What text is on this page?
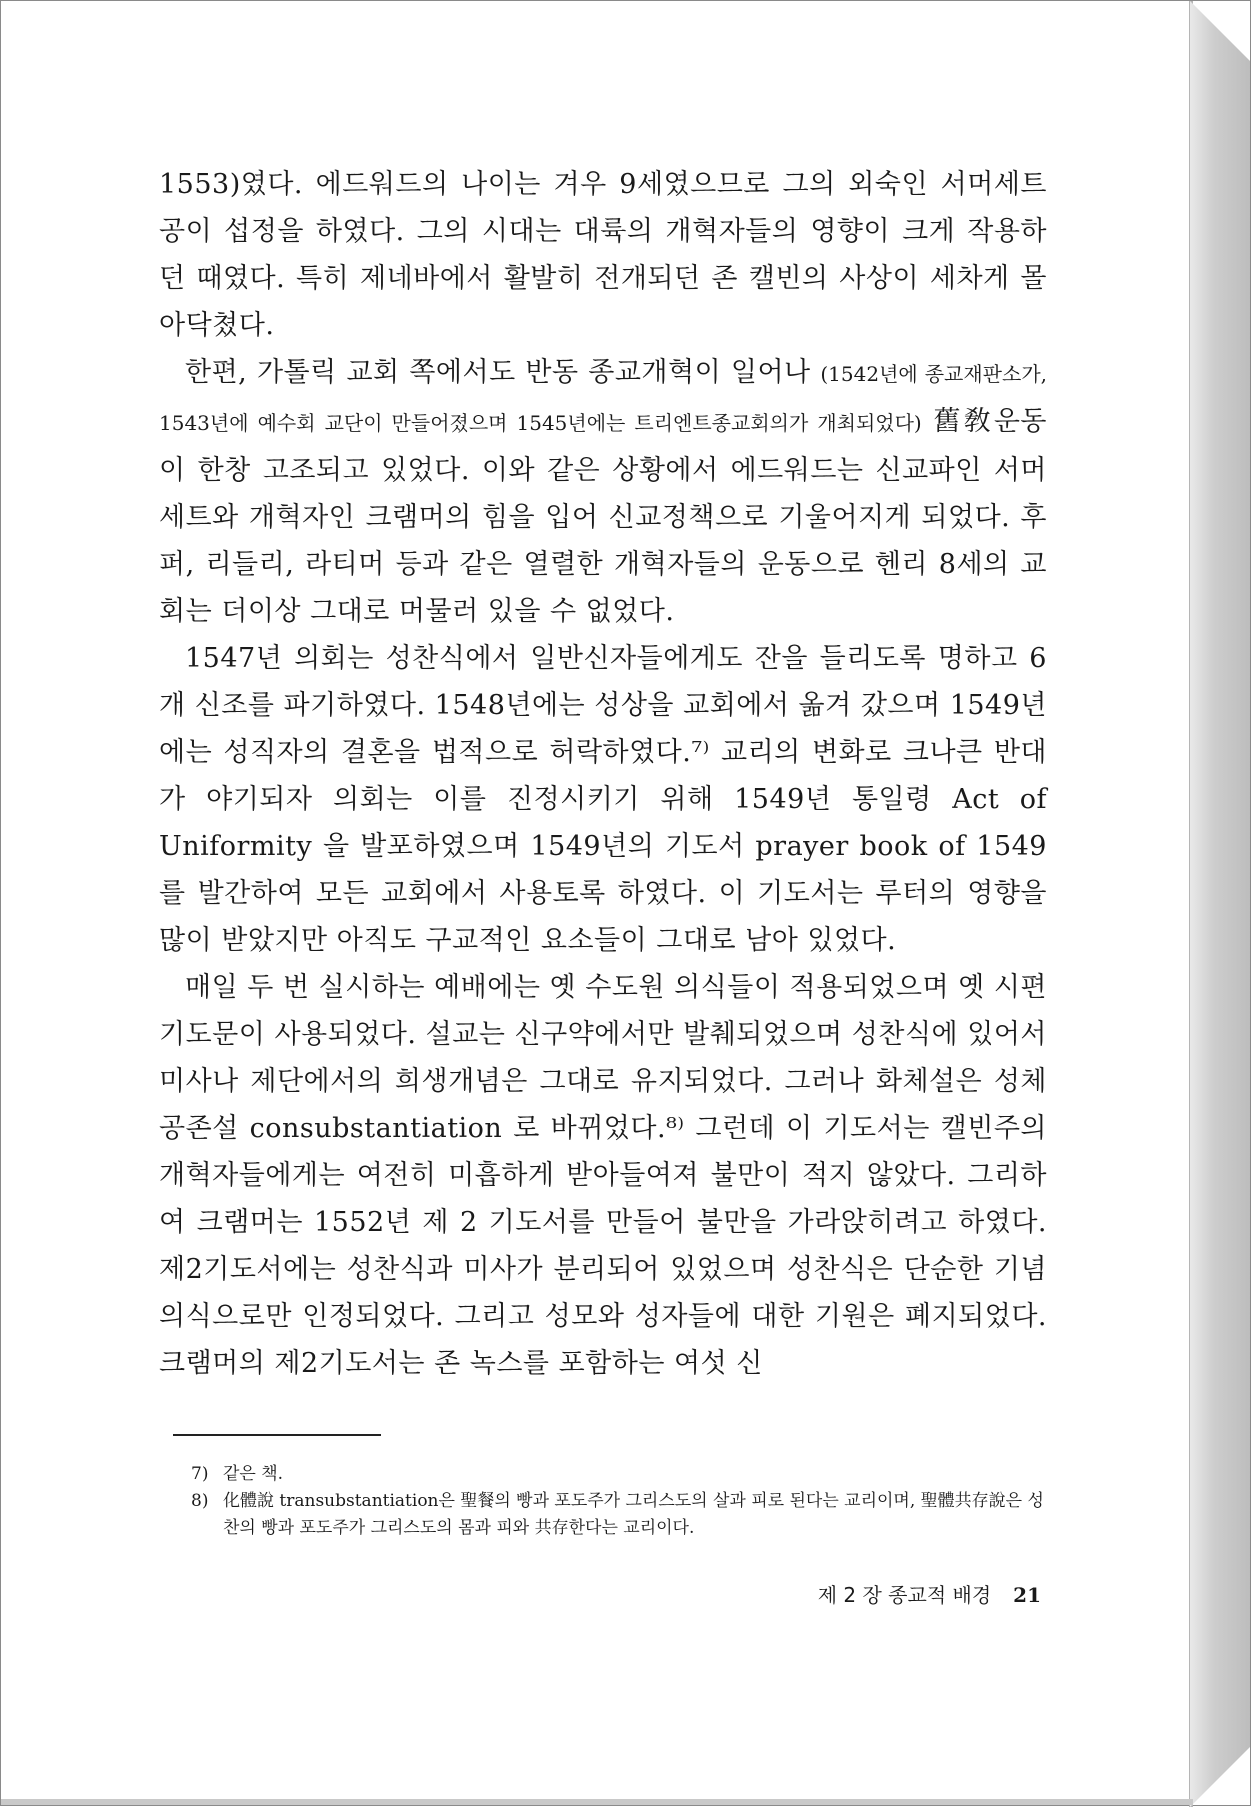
1553)였다. 에드워드의 나이는 겨우 9세였으므로 그의 외숙인 서머세트 공이 섭정을 하였다. 그의 시대는 대륙의 개혁자들의 영향이 크게 작용하던 때였다. 특히 제네바에서 활발히 전개되던 존 캘빈의 사상이 세차게 몰아닥쳤다.

한편, 가톨릭 교회 쪽에서도 반동 종교개혁이 일어나 (1542년에 종교재판소가, 1543년에 예수회 교단이 만들어졌으며 1545년에는 트리엔트종교회의가 개최되었다) 舊敎운동이 한창 고조되고 있었다. 이와 같은 상황에서 에드워드는 신교파인 서머세트와 개혁자인 크램머의 힘을 입어 신교정책으로 기울어지게 되었다. 후퍼, 리들리, 라티머 등과 같은 열렬한 개혁자들의 운동으로 헨리 8세의 교회는 더이상 그대로 머물러 있을 수 없었다.

1547년 의회는 성찬식에서 일반신자들에게도 잔을 들리도록 명하고 6개 신조를 파기하였다. 1548년에는 성상을 교회에서 옮겨 갔으며 1549년에는 성직자의 결혼을 법적으로 허락하였다.⁷⁾ 교리의 변화로 크나큰 반대가 야기되자 의회는 이를 진정시키기 위해 1549년 통일령 Act of Uniformity 을 발포하였으며 1549년의 기도서 prayer book of 1549를 발간하여 모든 교회에서 사용토록 하였다. 이 기도서는 루터의 영향을 많이 받았지만 아직도 구교적인 요소들이 그대로 남아 있었다.

매일 두 번 실시하는 예배에는 옛 수도원 의식들이 적용되었으며 옛 시편 기도문이 사용되었다. 설교는 신구약에서만 발췌되었으며 성찬식에 있어서 미사나 제단에서의 희생개념은 그대로 유지되었다. 그러나 화체설은 성체공존설 consubstantiation 로 바뀌었다.⁸⁾ 그런데 이 기도서는 캘빈주의 개혁자들에게는 여전히 미흡하게 받아들여져 불만이 적지 않았다. 그리하여 크램머는 1552년 제 2 기도서를 만들어 불만을 가라앉히려고 하였다. 제2기도서에는 성찬식과 미사가 분리되어 있었으며 성찬식은 단순한 기념 의식으로만 인정되었다. 그리고 성모와 성자들에 대한 기원은 폐지되었다. 크램머의 제2기도서는 존 녹스를 포함하는 여섯 신

7) 같은 책.
8) 化體說 transubstantiation은 聖餐의 빵과 포도주가 그리스도의 살과 피로 된다는 교리이며, 聖體共存說은 성찬의 빵과 포도주가 그리스도의 몸과 피와 共存한다는 교리이다.
제 2 장 종교적 배경 21
